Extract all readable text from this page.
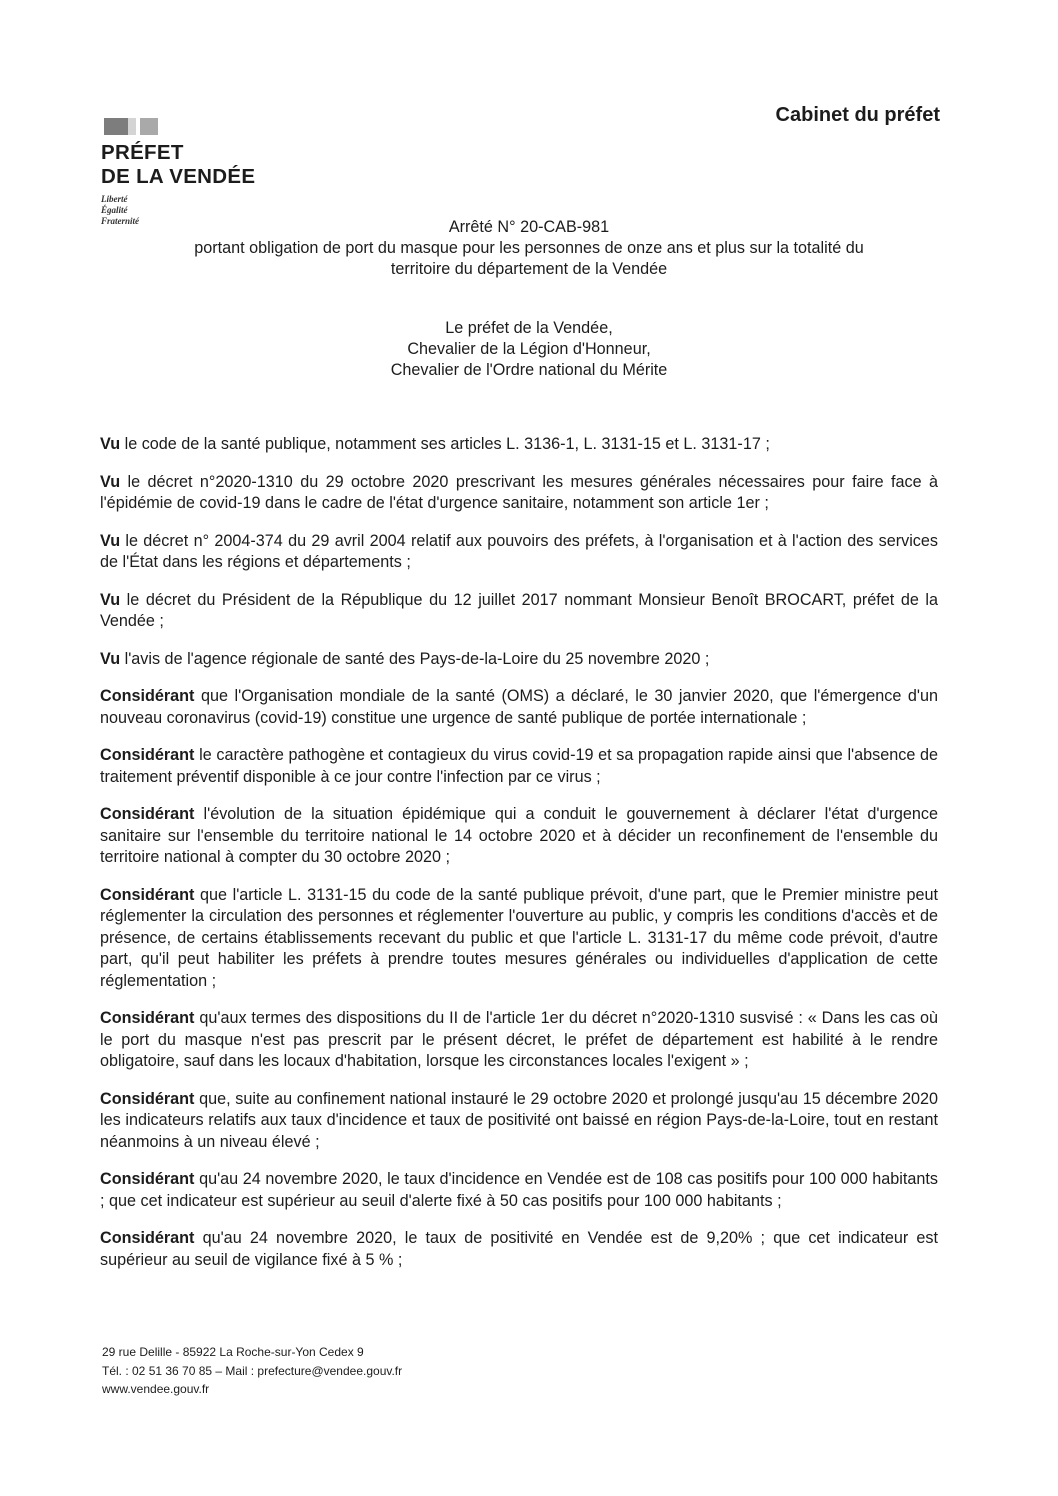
PRÉFET
DE LA VENDÉE
Liberté
Égalité
Fraternité
Cabinet du préfet
Arrêté N° 20-CAB-981
portant obligation de port du masque pour les personnes de onze ans et plus sur la totalité du
territoire du département de la Vendée
Le préfet de la Vendée,
Chevalier de la Légion d'Honneur,
Chevalier de l'Ordre national du Mérite

Vu le code de la santé publique, notamment ses articles L. 3136-1, L. 3131-15 et L. 3131-17 ;

Vu le décret n°2020-1310 du 29 octobre 2020 prescrivant les mesures générales nécessaires pour faire face à l'épidémie de covid-19 dans le cadre de l'état d'urgence sanitaire, notamment son article 1er ;

Vu le décret n° 2004-374 du 29 avril 2004 relatif aux pouvoirs des préfets, à l'organisation et à l'action des services de l'État dans les régions et départements ;

Vu le décret du Président de la République du 12 juillet 2017 nommant Monsieur Benoît BROCART, préfet de la Vendée ;

Vu l'avis de l'agence régionale de santé des Pays-de-la-Loire du 25 novembre 2020 ;

Considérant que l'Organisation mondiale de la santé (OMS) a déclaré, le 30 janvier 2020, que l'émergence d'un nouveau coronavirus (covid-19) constitue une urgence de santé publique de portée internationale ;

Considérant le caractère pathogène et contagieux du virus covid-19 et sa propagation rapide ainsi que l'absence de traitement préventif disponible à ce jour contre l'infection par ce virus ;

Considérant l'évolution de la situation épidémique qui a conduit le gouvernement à déclarer l'état d'urgence sanitaire sur l'ensemble du territoire national le 14 octobre 2020 et à décider un reconfinement de l'ensemble du territoire national à compter du 30 octobre 2020 ;

Considérant que l'article L. 3131-15 du code de la santé publique prévoit, d'une part, que le Premier ministre peut réglementer la circulation des personnes et réglementer l'ouverture au public, y compris les conditions d'accès et de présence, de certains établissements recevant du public et que l'article L. 3131-17 du même code prévoit, d'autre part, qu'il peut habiliter les préfets à prendre toutes mesures générales ou individuelles d'application de cette réglementation ;

Considérant qu'aux termes des dispositions du II de l'article 1er du décret n°2020-1310 susvisé : « Dans les cas où le port du masque n'est pas prescrit par le présent décret, le préfet de département est habilité à le rendre obligatoire, sauf dans les locaux d'habitation, lorsque les circonstances locales l'exigent » ;

Considérant que, suite au confinement national instauré le 29 octobre 2020 et prolongé jusqu'au 15 décembre 2020 les indicateurs relatifs aux taux d'incidence et taux de positivité ont baissé en région Pays-de-la-Loire, tout en restant néanmoins à un niveau élevé ;

Considérant qu'au 24 novembre 2020, le taux d'incidence en Vendée est de 108 cas positifs pour 100 000 habitants ; que cet indicateur est supérieur au seuil d'alerte fixé à 50 cas positifs pour 100 000 habitants ;

Considérant qu'au 24 novembre 2020, le taux de positivité en Vendée est de 9,20% ; que cet indicateur est supérieur au seuil de vigilance fixé à 5 % ;

29 rue Delille - 85922 La Roche-sur-Yon Cedex 9
Tél. : 02 51 36 70 85 – Mail : prefecture@vendee.gouv.fr
www.vendee.gouv.fr
